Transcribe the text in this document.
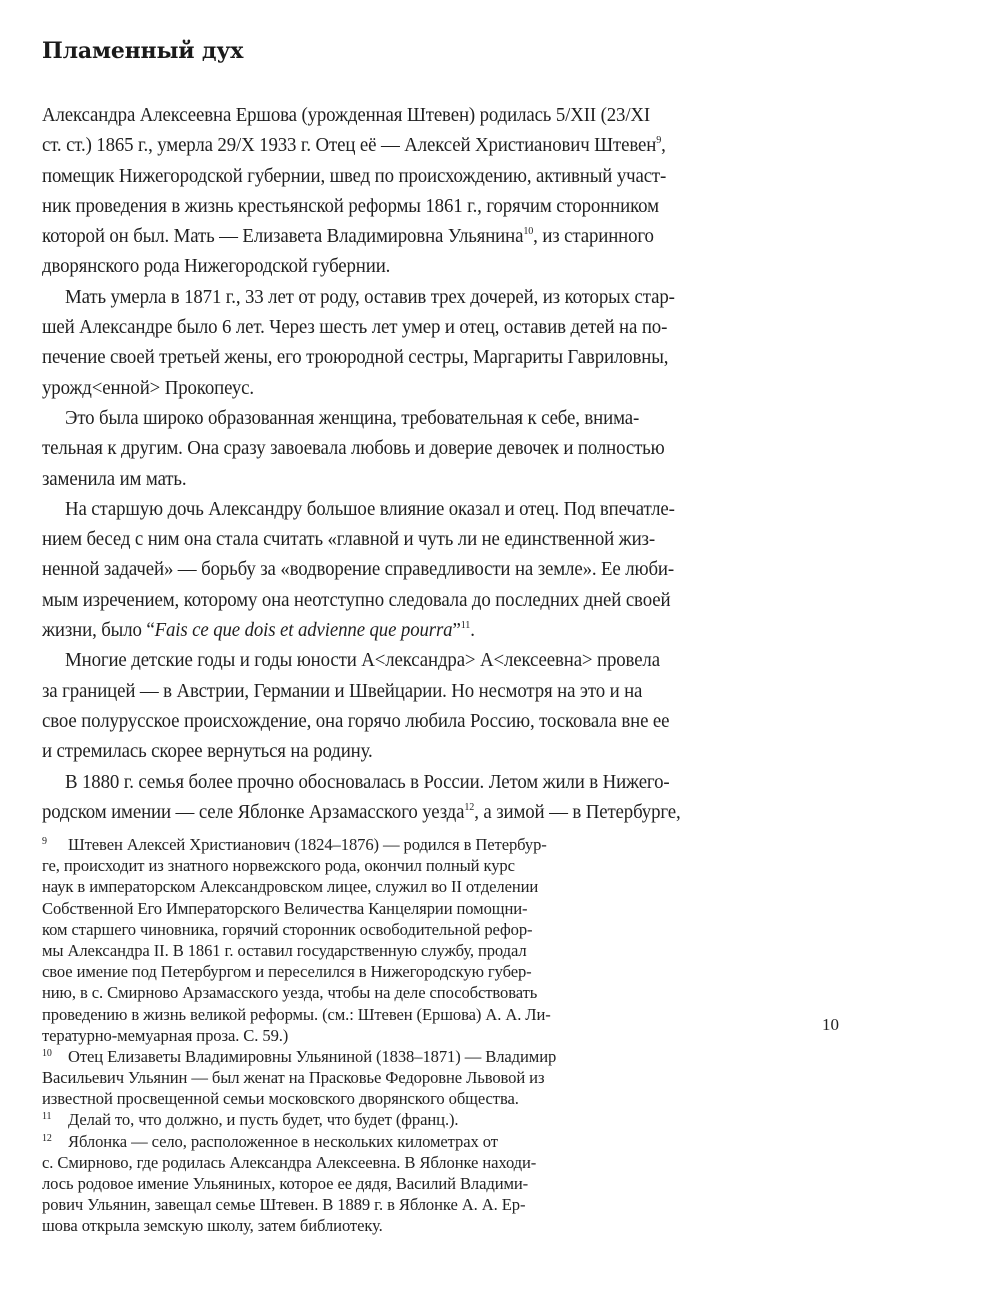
Пламенный дух
Александра Алексеевна Ершова (урожденная Штевен) родилась 5/XII (23/XI
ст. ст.) 1865 г., умерла 29/X 1933 г. Отец её — Алексей Христианович Штевен$^9$,
помещик Нижегородской губернии, швед по происхождению, активный участ-
ник проведения в жизнь крестьянской реформы 1861 г., горячим сторонником
которой он был. Мать — Елизавета Владимировна Ульянина$^{10}$, из старинного
дворянского рода Нижегородской губернии.
Мать умерла в 1871 г., 33 лет от роду, оставив трех дочерей, из которых стар-
шей Александре было 6 лет. Через шесть лет умер и отец, оставив детей на по-
печение своей третьей жены, его троюродной сестры, Маргариты Гавриловны,
урожд<енной> Прокопеус.
Это была широко образованная женщина, требовательная к себе, внима-
тельная к другим. Она сразу завоевала любовь и доверие девочек и полностью
заменила им мать.
На старшую дочь Александру большое влияние оказал и отец. Под впечатле-
нием бесед с ним она стала считать «главной и чуть ли не единственной жиз-
ненной задачей» — борьбу за «водворение справедливости на земле». Ее люби-
мым изречением, которому она неотступно следовала до последних дней своей
жизни, было “Fais ce que dois et advienne que pourra”$^{11}$.
Многие детские годы и годы юности А<лександра> А<лексеевна> провела
за границей — в Австрии, Германии и Швейцарии. Но несмотря на это и на
свое полурусское происхождение, она горячо любила Россию, тосковала вне ее
и стремилась скорее вернуться на родину.
В 1880 г. семья более прочно обосновалась в России. Летом жили в Нижего-
родском имении — селе Яблонке Арзамасского уезда$^{12}$, а зимой — в Петербурге,
9 Штевен Алексей Христианович (1824–1876) — родился в Петербур-
ге, происходит из знатного норвежского рода, окончил полный курс
наук в императорском Александровском лицее, служил во II отделении
Собственной Его Императорского Величества Канцелярии помощни-
ком старшего чиновника, горячий сторонник освободительной рефор-
мы Александра II. В 1861 г. оставил государственную службу, продал
свое имение под Петербургом и переселился в Нижегородскую губер-
нию, в с. Смирново Арзамасского уезда, чтобы на деле способствовать
проведению в жизнь великой реформы. (см.: Штевен (Ершова) А. А. Ли-
тературно-мемуарная проза. С. 59.)
10 Отец Елизаветы Владимировны Ульяниной (1838–1871) — Владимир
Васильевич Ульянин — был женат на Прасковье Федоровне Львовой из
известной просвещенной семьи московского дворянского общества.
11 Делай то, что должно, и пусть будет, что будет (франц.).
12 Яблонка — село, расположенное в нескольких километрах от
с. Смирново, где родилась Александра Алексеевна. В Яблонке находи-
лось родовое имение Ульяниных, которое ее дядя, Василий Владими-
рович Ульянин, завещал семье Штевен. В 1889 г. в Яблонке А. А. Ер-
шова открыла земскую школу, затем библиотеку.
10
